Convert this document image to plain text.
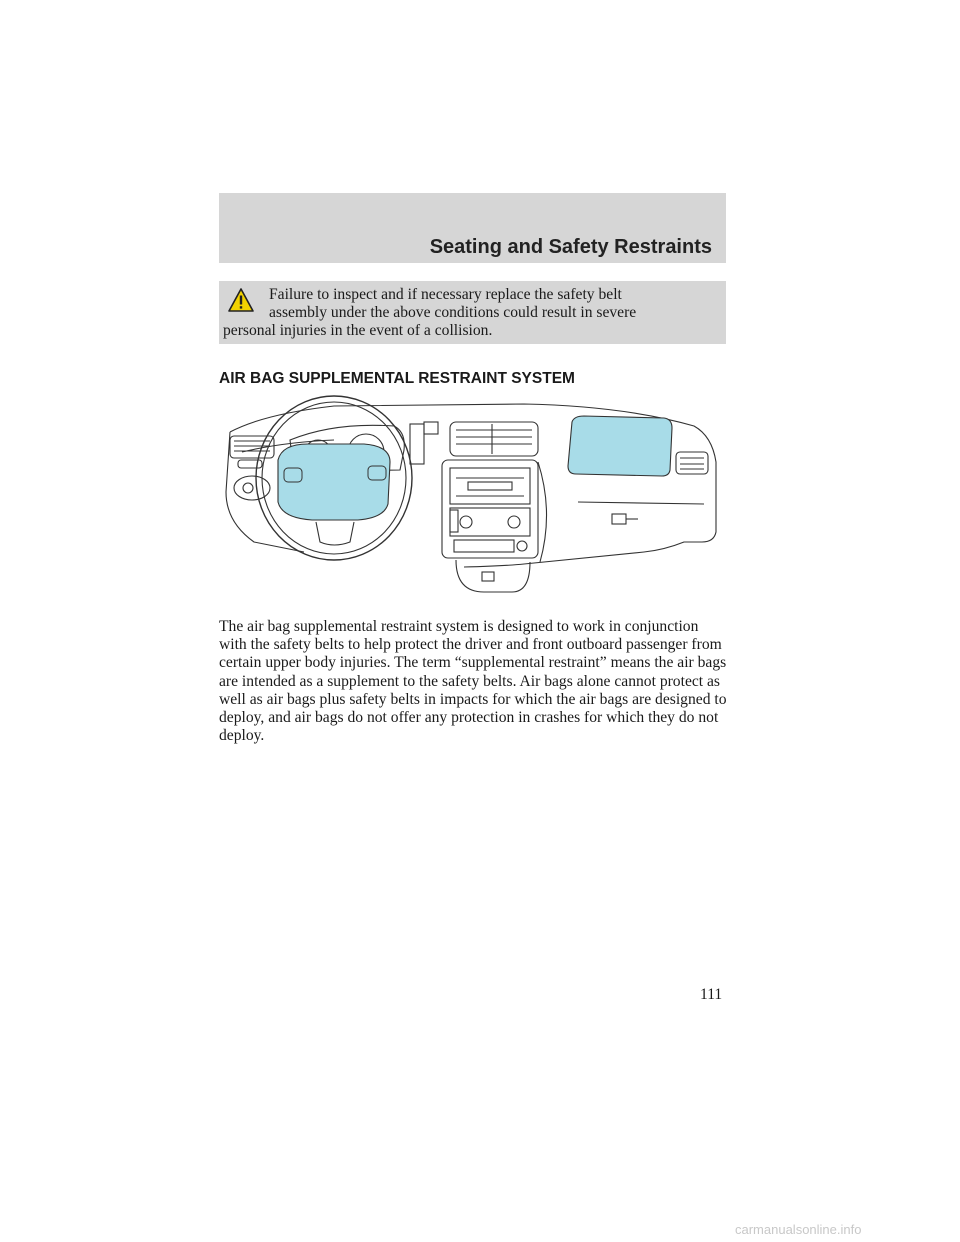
Seating and Safety Restraints

Failure to inspect and if necessary replace the safety belt
assembly under the above conditions could result in severe
personal injuries in the event of a collision.

AIR BAG SUPPLEMENTAL RESTRAINT SYSTEM

The air bag supplemental restraint system is designed to work in conjunction with the safety belts to help protect the driver and front outboard passenger from certain upper body injuries. The term “supplemental restraint” means the air bags are intended as a supplement to the safety belts. Air bags alone cannot protect as well as air bags plus safety belts in impacts for which the air bags are designed to deploy, and air bags do not offer any protection in crashes for which they do not deploy.

111
carmanualsonline.info
